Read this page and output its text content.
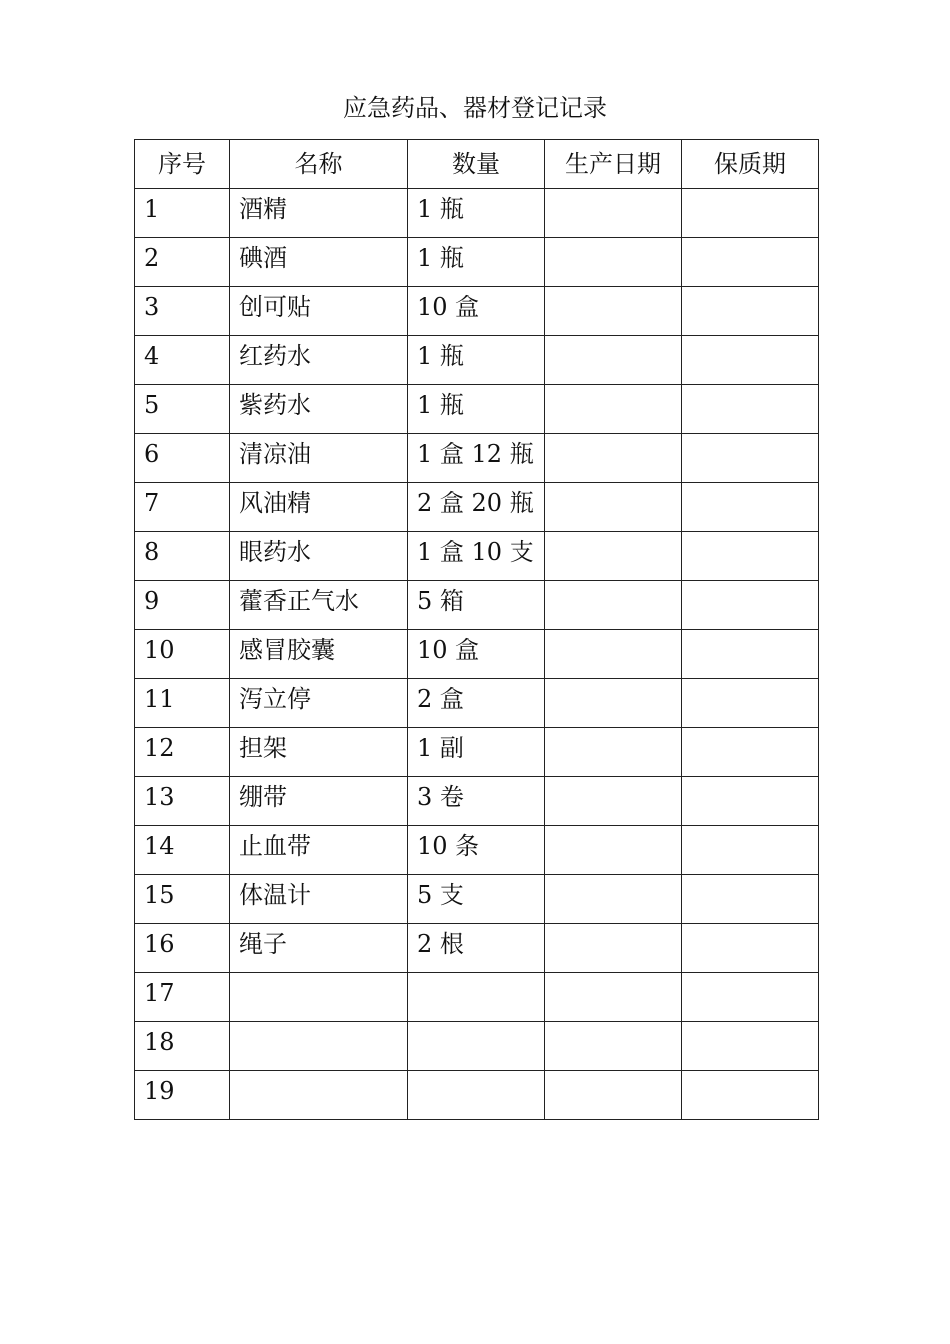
应急药品、器材登记记录
序号	名称	数量	生产日期	保质期
1	酒精	1 瓶		
2	碘酒	1 瓶		
3	创可贴	10 盒		
4	红药水	1 瓶		
5	紫药水	1 瓶		
6	清凉油	1 盒 12 瓶		
7	风油精	2 盒 20 瓶		
8	眼药水	1 盒 10 支		
9	藿香正气水	5 箱		
10	感冒胶囊	10 盒		
11	泻立停	2 盒		
12	担架	1 副		
13	绷带	3 卷		
14	止血带	10 条		
15	体温计	5 支		
16	绳子	2 根		
17				
18				
19				
